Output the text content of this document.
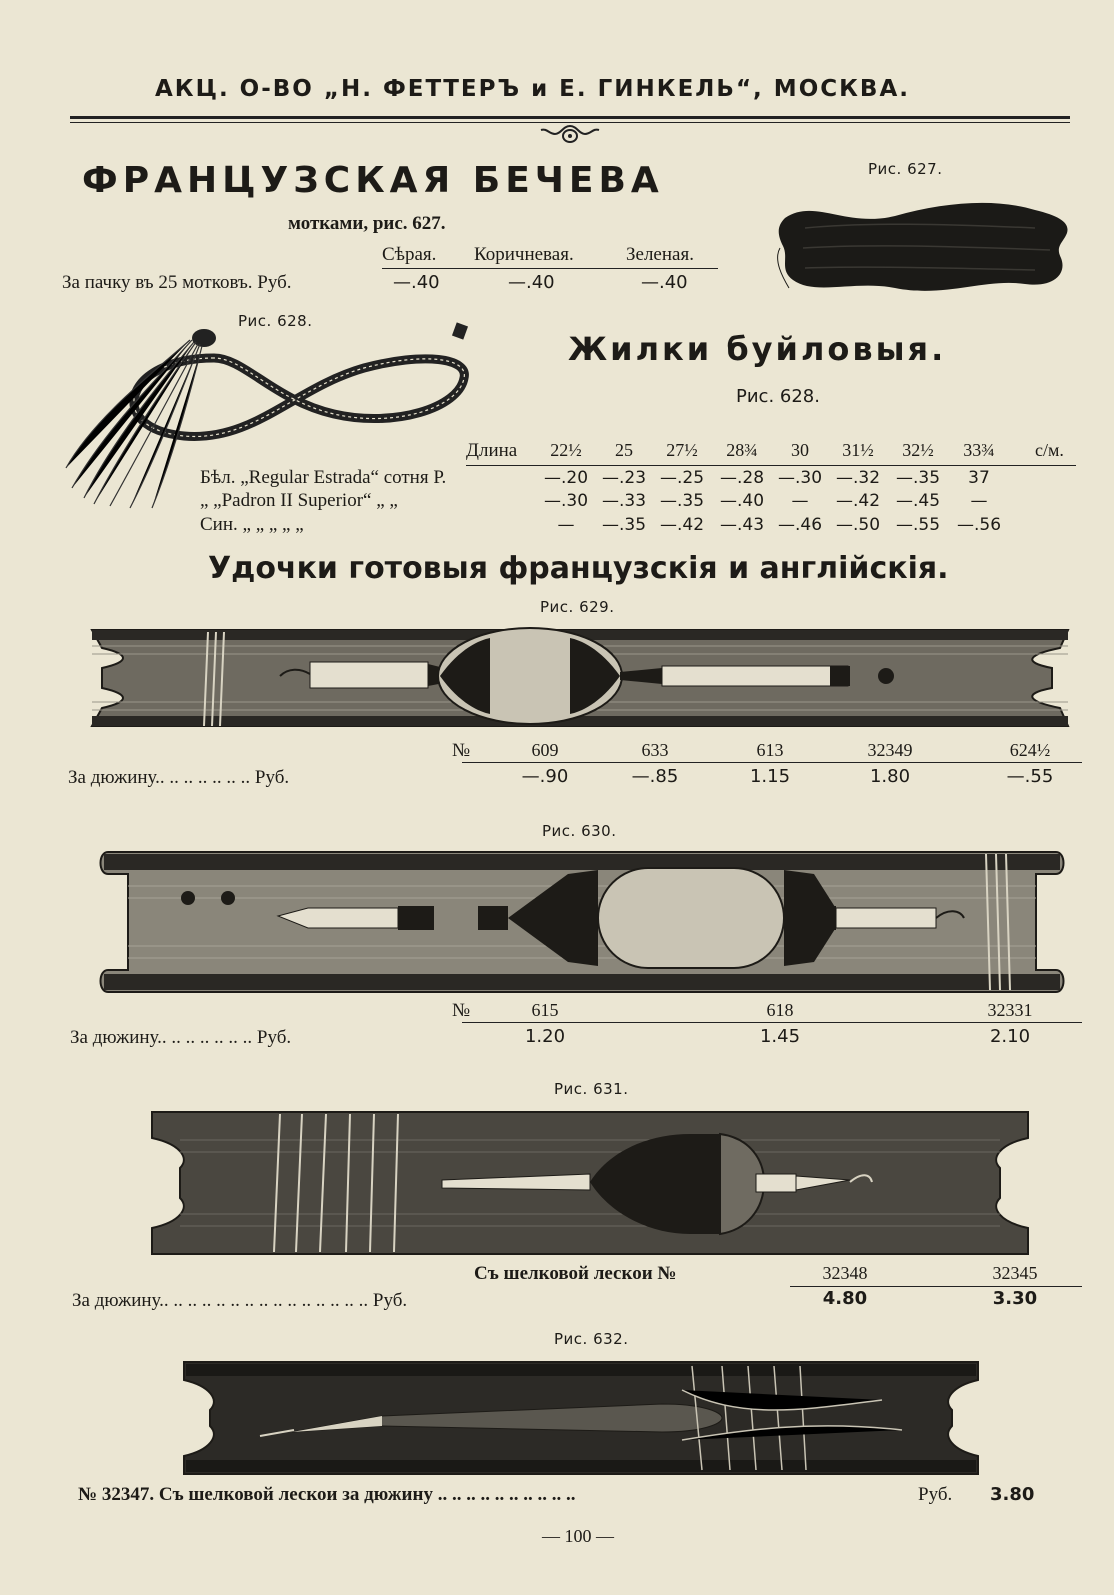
АКЦ. О-ВО „Н. ФЕТТЕРЪ и Е. ГИНКЕЛЬ“, МОСКВА.
ФРАНЦУЗСКАЯ БЕЧЕВА
мотками, рис. 627.
Сѣрая. Коричневая.	Зеленая.
За пачку въ 25 мотковъ. Руб.	—.40	—.40	—.40
Рис. 627.
Рис. 628.
Жилки буйловыя.
Рис. 628.
Длина	22½	25	27½	28¾	30	31½	32½	33¾	с/м.
Бѣл. „Regular Estrada“ сотня Р.	—.20 —.23 —.25 —.28 —.30 —.32 —.35	37
„ „Padron II Superior“ „ „	—.30 —.33 —.35 —.40	—	—.42 —.45	—
Син. „ „ „ „ „	—	—.35 —.42 —.43 —.46 —.50 —.55 —.56
Удочки готовыя французскія и англійскія.
Рис. 629.
№	609	633	613	32349	624½
За дюжину.. .. .. .. .. .. .. Руб.	—.90	—.85	1.15	1.80	—.55
Рис. 630.
№	615	618	32331
За дюжину.. .. .. .. .. .. .. Руб.	1.20	1.45	2.10
Рис. 631.
Съ шелковой лескои №	32348	32345
За дюжину.. .. .. .. .. .. .. .. .. .. .. .. .. .. .. Руб.	4.80	3.30
Рис. 632.
№ 32347. Съ шелковой лескои за дюжину .. .. .. .. .. .. .. .. .. ..	Руб. 3.80
— 100 —
